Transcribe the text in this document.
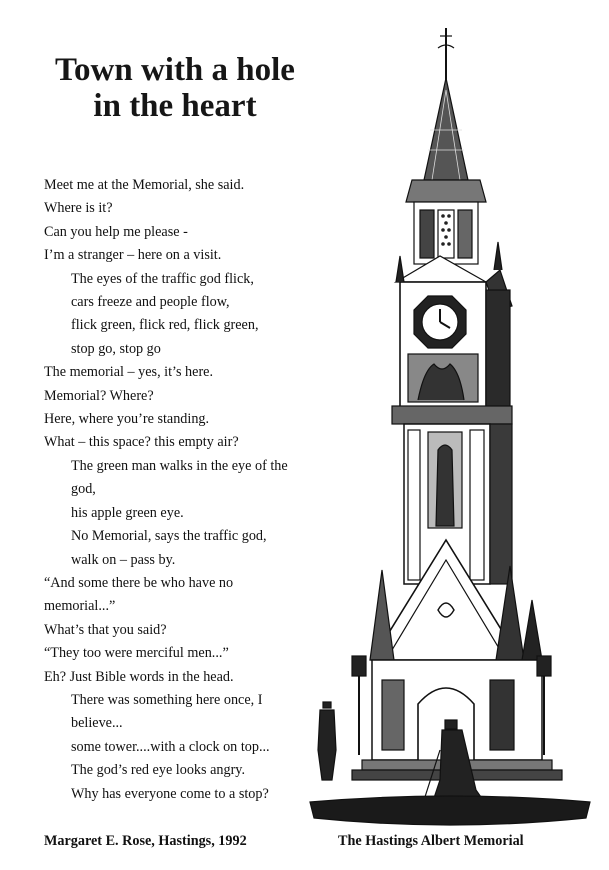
Town with a hole
in the heart
Meet me at the Memorial, she said.
Where is it?
Can you help me please -
I’m a stranger – here on a visit.
The eyes of the traffic god flick,
cars freeze and people flow,
flick green, flick red, flick green,
stop go, stop go
The memorial – yes, it’s here.
Memorial? Where?
Here, where you’re standing.
What – this space? this empty air?
The green man walks in the eye of the
god,
his apple green eye.
No Memorial, says the traffic god,
walk on – pass by.
“And some there be who have no
memorial...”
What’s that you said?
“They too were merciful men...”
Eh? Just Bible words in the head.
There was something here once, I
believe...
some tower....with a clock on top...
The god’s red eye looks angry.
Why has everyone come to a stop?
Margaret E. Rose, Hastings, 1992	The Hastings Albert Memorial
